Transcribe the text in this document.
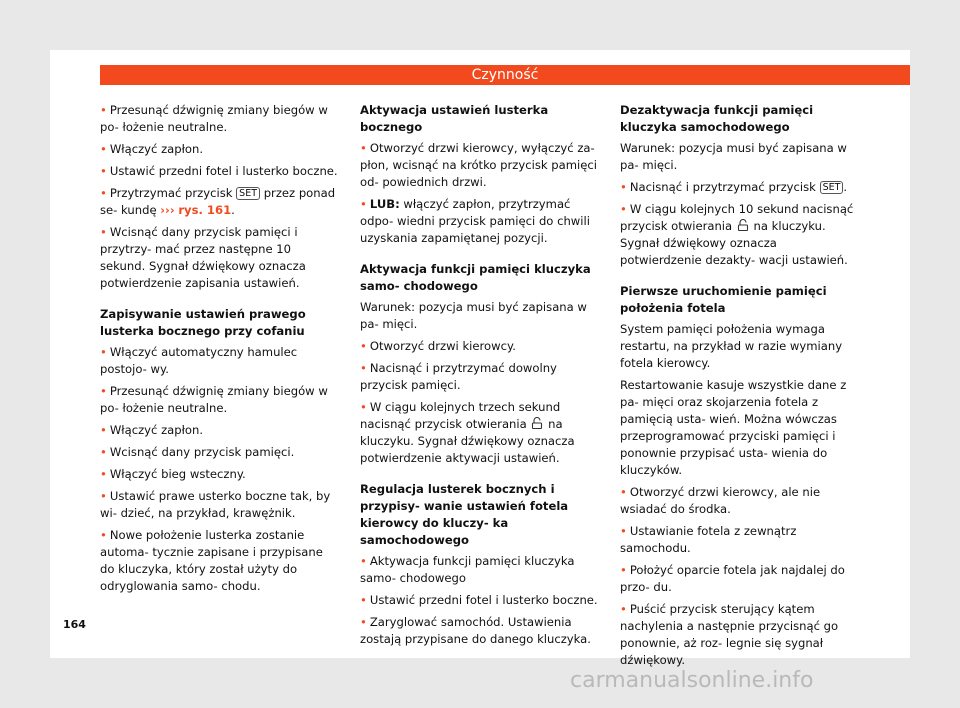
Czynność

• Przesunąć dźwignię zmiany biegów w po- łożenie neutralne.

• Włączyć zapłon.

• Ustawić przedni fotel i lusterko boczne.

• Przytrzymać przycisk SET przez ponad se- kundę ››› rys. 161.

• Wcisnąć dany przycisk pamięci i przytrzy- mać przez następne 10 sekund. Sygnał dźwiękowy oznacza potwierdzenie zapisania ustawień.

Zapisywanie ustawień prawego lusterka bocznego przy cofaniu

• Włączyć automatyczny hamulec postojo- wy.

• Przesunąć dźwignię zmiany biegów w po- łożenie neutralne.

• Włączyć zapłon.

• Wcisnąć dany przycisk pamięci.

• Włączyć bieg wsteczny.

• Ustawić prawe usterko boczne tak, by wi- dzieć, na przykład, krawężnik.

• Nowe położenie lusterka zostanie automa- tycznie zapisane i przypisane do kluczyka, który został użyty do odryglowania samo- chodu.

Aktywacja ustawień lusterka bocznego

• Otworzyć drzwi kierowcy, wyłączyć za- płon, wcisnąć na krótko przycisk pamięci od- powiednich drzwi.

• LUB: włączyć zapłon, przytrzymać odpo- wiedni przycisk pamięci do chwili uzyskania zapamiętanej pozycji.

Aktywacja funkcji pamięci kluczyka samo- chodowego

Warunek: pozycja musi być zapisana w pa- mięci.

• Otworzyć drzwi kierowcy.

• Nacisnąć i przytrzymać dowolny przycisk pamięci.

• W ciągu kolejnych trzech sekund nacisnąć przycisk otwierania na kluczyku. Sygnał dźwiękowy oznacza potwierdzenie aktywacji ustawień.

Regulacja lusterek bocznych i przypisy- wanie ustawień fotela kierowcy do kluczy- ka samochodowego

• Aktywacja funkcji pamięci kluczyka samo- chodowego

• Ustawić przedni fotel i lusterko boczne.

• Zaryglować samochód. Ustawienia zostają przypisane do danego kluczyka.

Dezaktywacja funkcji pamięci kluczyka samochodowego

Warunek: pozycja musi być zapisana w pa- mięci.

• Nacisnąć i przytrzymać przycisk SET .

• W ciągu kolejnych 10 sekund nacisnąć przycisk otwierania na kluczyku. Sygnał dźwiękowy oznacza potwierdzenie dezakty- wacji ustawień.

Pierwsze uruchomienie pamięci położenia fotela

System pamięci położenia wymaga restartu, na przykład w razie wymiany fotela kierowcy.

Restartowanie kasuje wszystkie dane z pa- mięci oraz skojarzenia fotela z pamięcią usta- wień. Można wówczas przeprogramować przyciski pamięci i ponownie przypisać usta- wienia do kluczyków.

• Otworzyć drzwi kierowcy, ale nie wsiadać do środka.

• Ustawianie fotela z zewnątrz samochodu.

• Położyć oparcie fotela jak najdalej do przo- du.

• Puścić przycisk sterujący kątem nachylenia a następnie przycisnąć go ponownie, aż roz- legnie się sygnał dźwiękowy.

164
carmanualsonline.info
